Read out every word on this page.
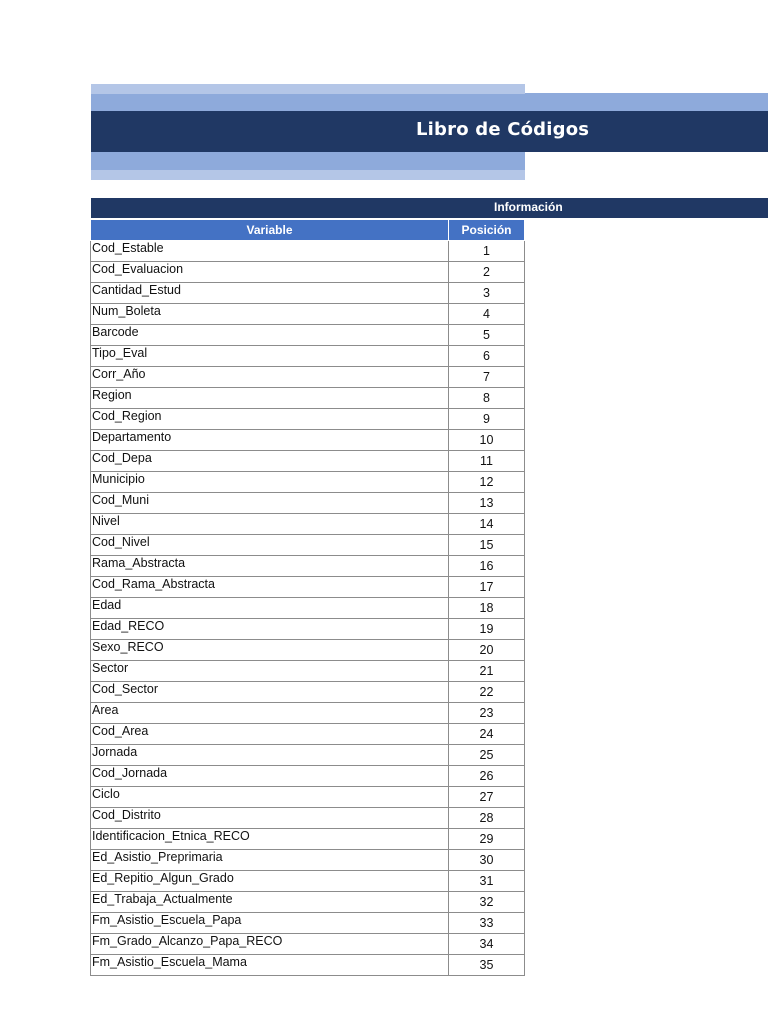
Libro de Códigos
Información
Variable	Posición
Cod_Estable	1
Cod_Evaluacion	2
Cantidad_Estud	3
Num_Boleta	4
Barcode	5
Tipo_Eval	6
Corr_Año	7
Region	8
Cod_Region	9
Departamento	10
Cod_Depa	11
Municipio	12
Cod_Muni	13
Nivel	14
Cod_Nivel	15
Rama_Abstracta	16
Cod_Rama_Abstracta	17
Edad	18
Edad_RECO	19
Sexo_RECO	20
Sector	21
Cod_Sector	22
Area	23
Cod_Area	24
Jornada	25
Cod_Jornada	26
Ciclo	27
Cod_Distrito	28
Identificacion_Etnica_RECO	29
Ed_Asistio_Preprimaria	30
Ed_Repitio_Algun_Grado	31
Ed_Trabaja_Actualmente	32
Fm_Asistio_Escuela_Papa	33
Fm_Grado_Alcanzo_Papa_RECO	34
Fm_Asistio_Escuela_Mama	35
